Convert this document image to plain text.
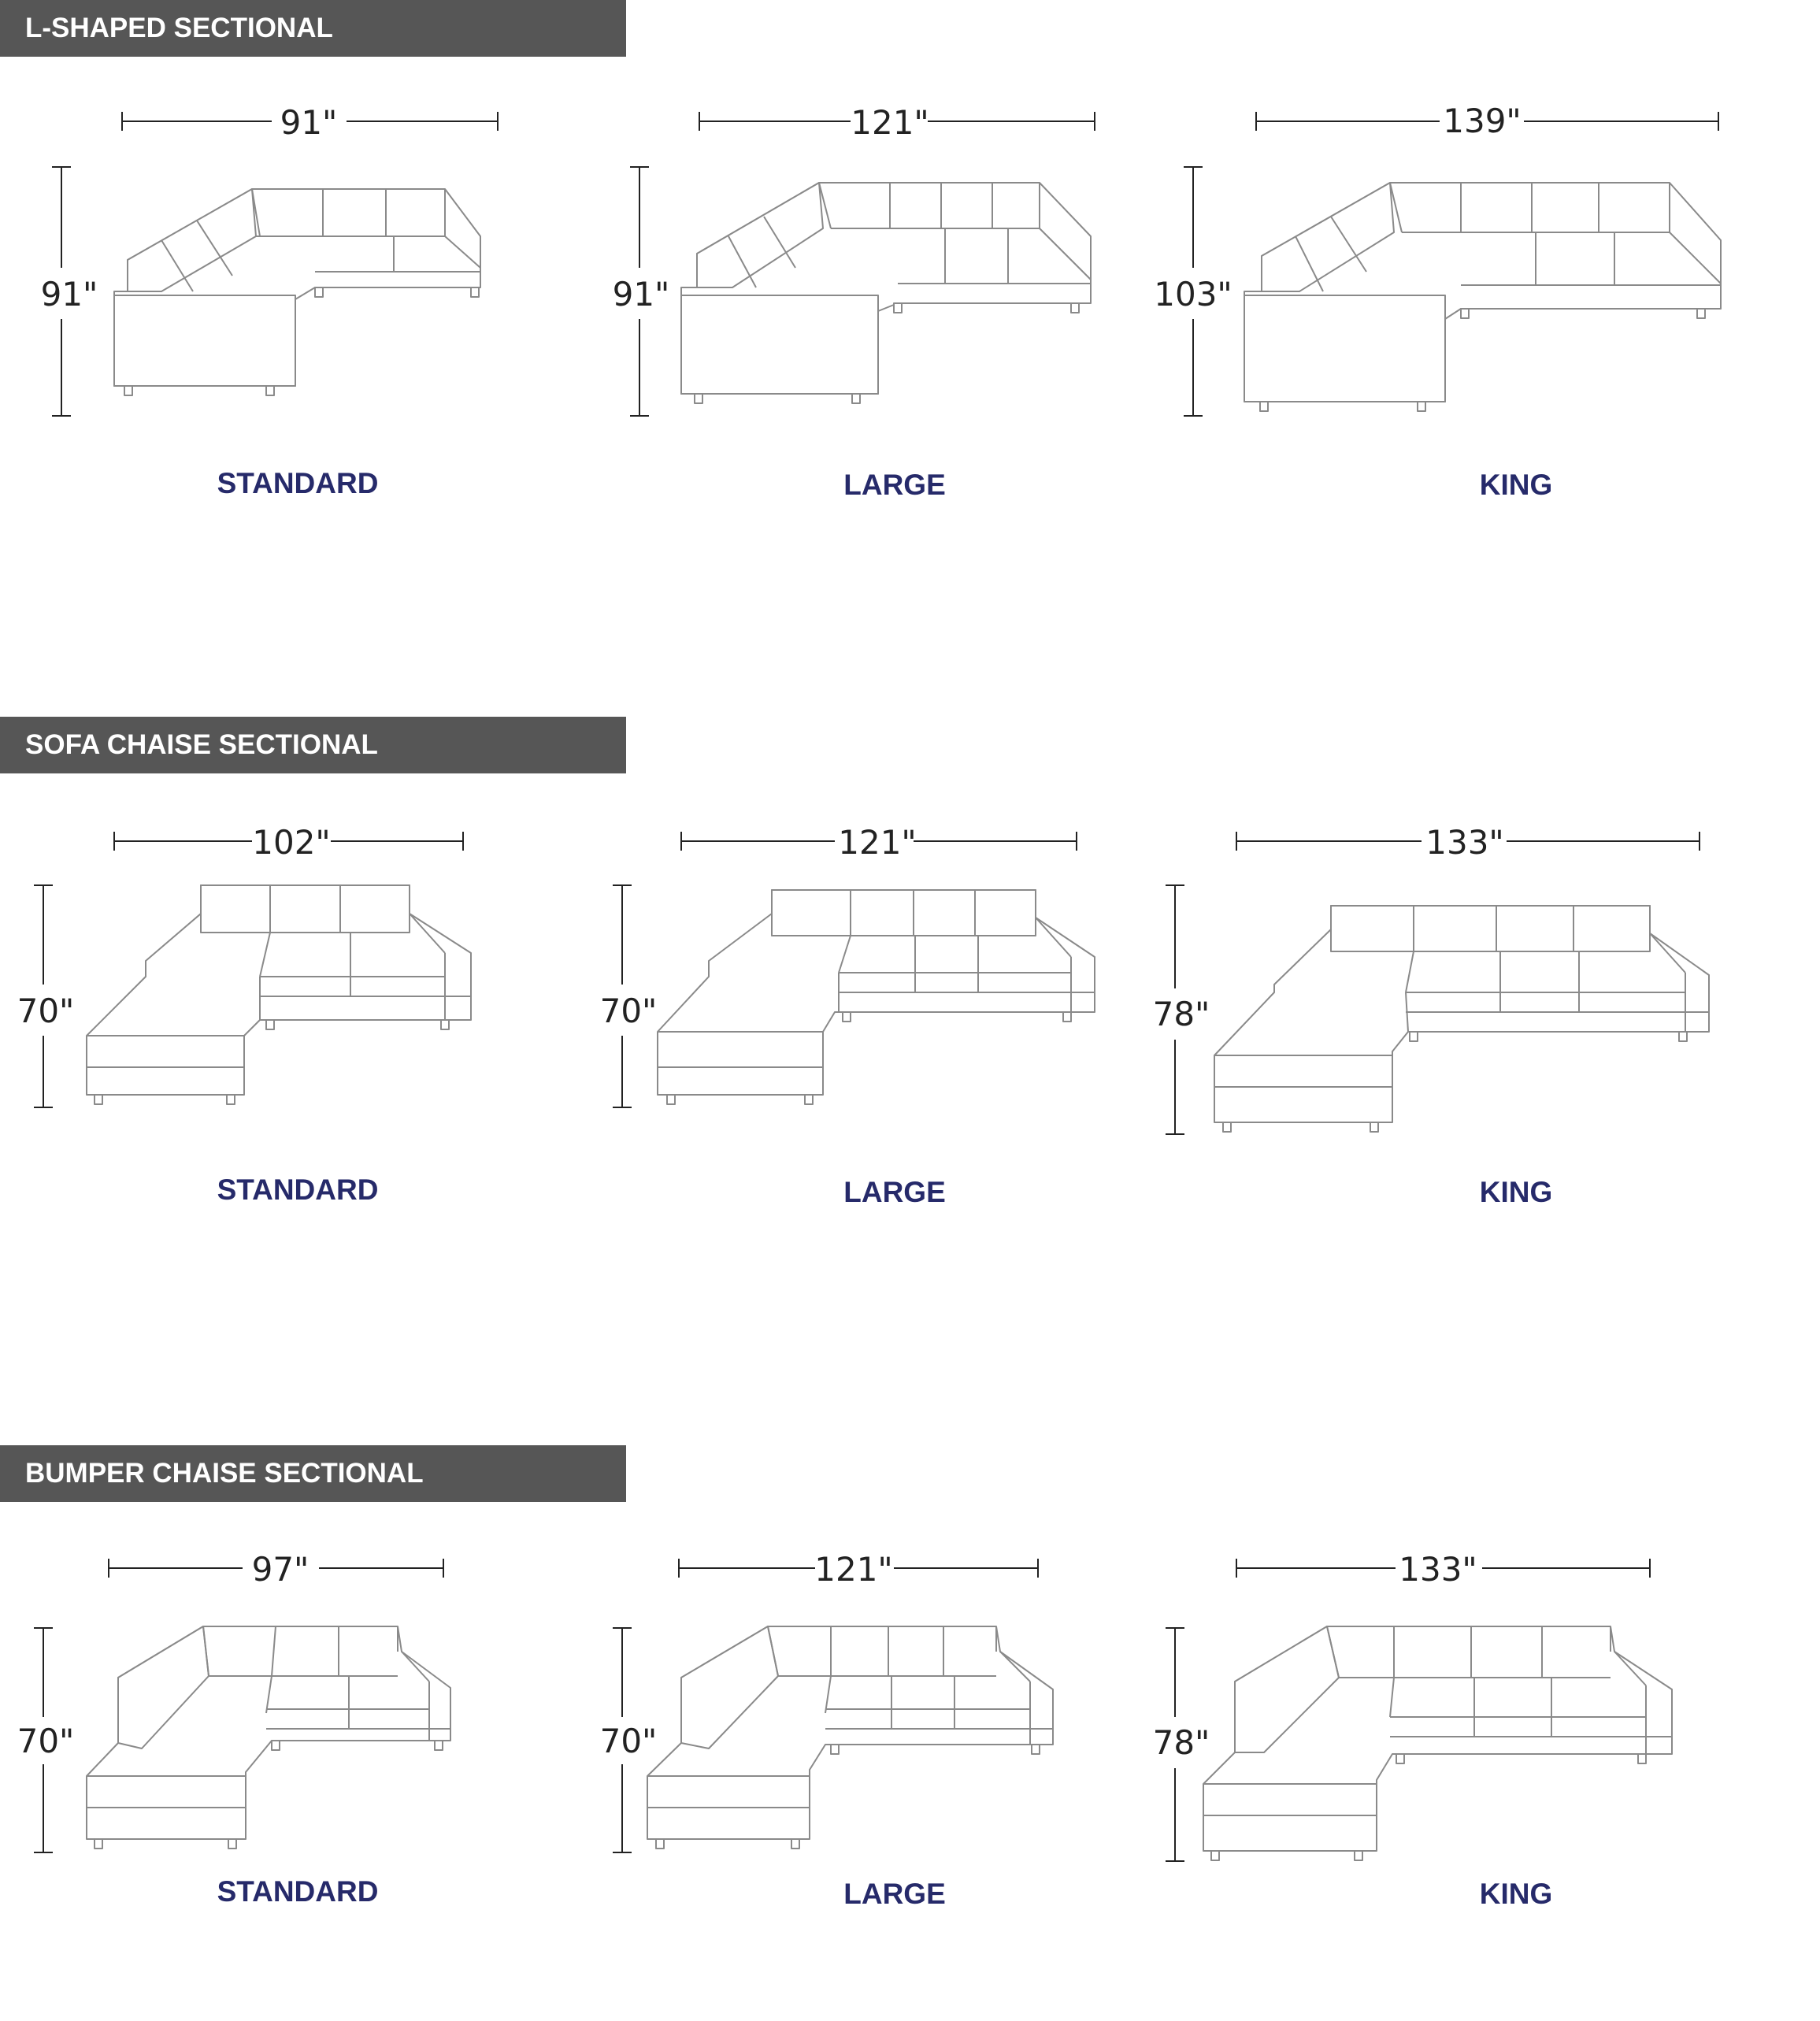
L-SHAPED SECTIONAL
91"
91"
STANDARD
121"
91"
LARGE
139"
103"
KING
SOFA CHAISE SECTIONAL
102"
70"
STANDARD
121"
70"
LARGE
133"
78"
KING
BUMPER CHAISE SECTIONAL
97"
70"
STANDARD
121"
70"
LARGE
133"
78"
KING
